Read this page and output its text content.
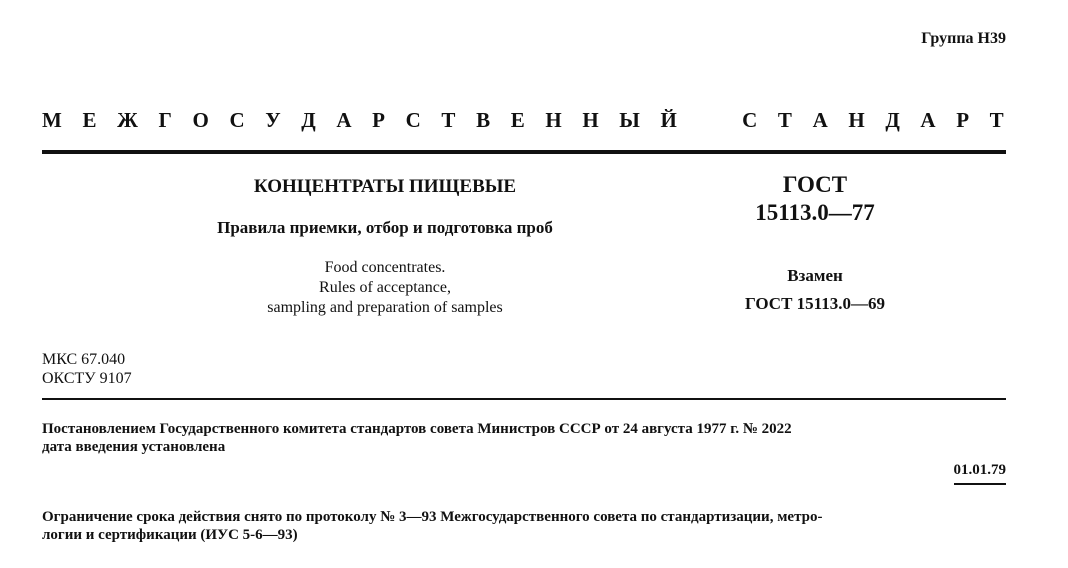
Группа Н39
М Е Ж Г О С У Д А Р С Т В Е Н Н Ы Й	С Т А Н Д А Р Т
КОНЦЕНТРАТЫ ПИЩЕВЫЕ
Правила приемки, отбор и подготовка проб
Food concentrates.
Rules of acceptance,
sampling and preparation of samples
ГОСТ
15113.0—77
Взамен
ГОСТ 15113.0—69
МКС 67.040
ОКСТУ 9107
Постановлением Государственного комитета стандартов совета Министров СССР от 24 августа 1977 г. № 2022
дата введения установлена
01.01.79
Ограничение срока действия снято по протоколу № 3—93 Межгосударственного совета по стандартизации, метро-
логии и сертификации (ИУС 5-6—93)
